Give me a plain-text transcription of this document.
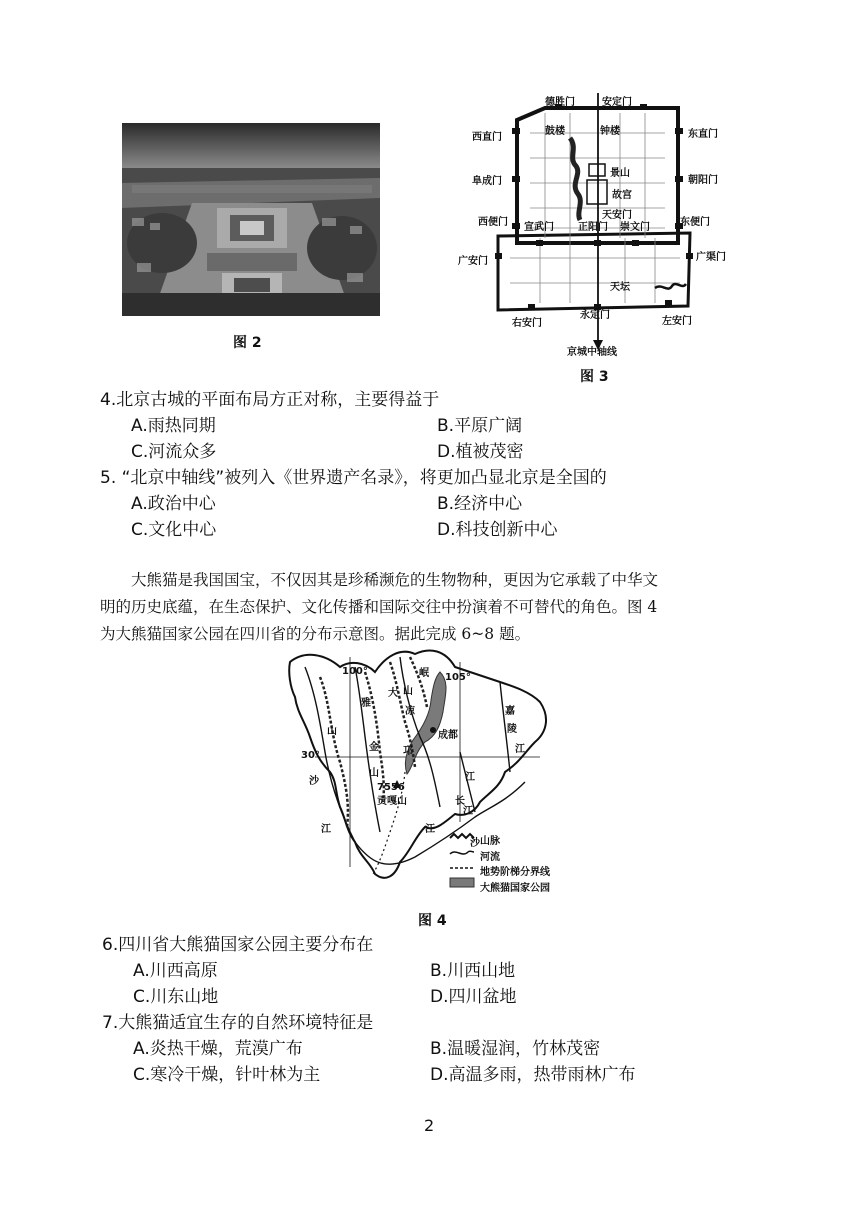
图 2
德胜门	安定门
西直门	东直门
阜成门	朝阳门
西便门	东便门
广安门	广渠门
右安门
永定门
左安门
宣武门 正阳门 崇文门
鼓楼	钟楼
景山
故宫
天安门
天坛
京城中轴线
图 3
4.北京古城的平面布局方正对称，主要得益于
A.雨热同期	B.平原广阔
C.河流众多	D.植被茂密
5. “北京中轴线”被列入《世界遗产名录》，将更加凸显北京是全国的
A.政治中心	B.经济中心
C.文化中心	D.科技创新中心
大熊猫是我国国宝，不仅因其是珍稀濒危的生物物种，更因为它承载了中华文
明的历史底蕴，在生态保护、文化传播和国际交往中扮演着不可替代的角色。图 4
为大熊猫国家公园在四川省的分布示意图。据此完成 6~8 题。
100°
105°
30°
成都
7556
贡嘎山
嘉
陵
江
江
沙
江
沙
江
雅
大
山
山
凉
岷
邛
金
山
长
江
山脉
河流
地势阶梯分界线
大熊猫国家公园
图 4
6.四川省大熊猫国家公园主要分布在
A.川西高原	B.川西山地
C.川东山地	D.四川盆地
7.大熊猫适宜生存的自然环境特征是
A.炎热干燥，荒漠广布	B.温暖湿润，竹林茂密
C.寒冷干燥，针叶林为主	D.高温多雨，热带雨林广布
2
